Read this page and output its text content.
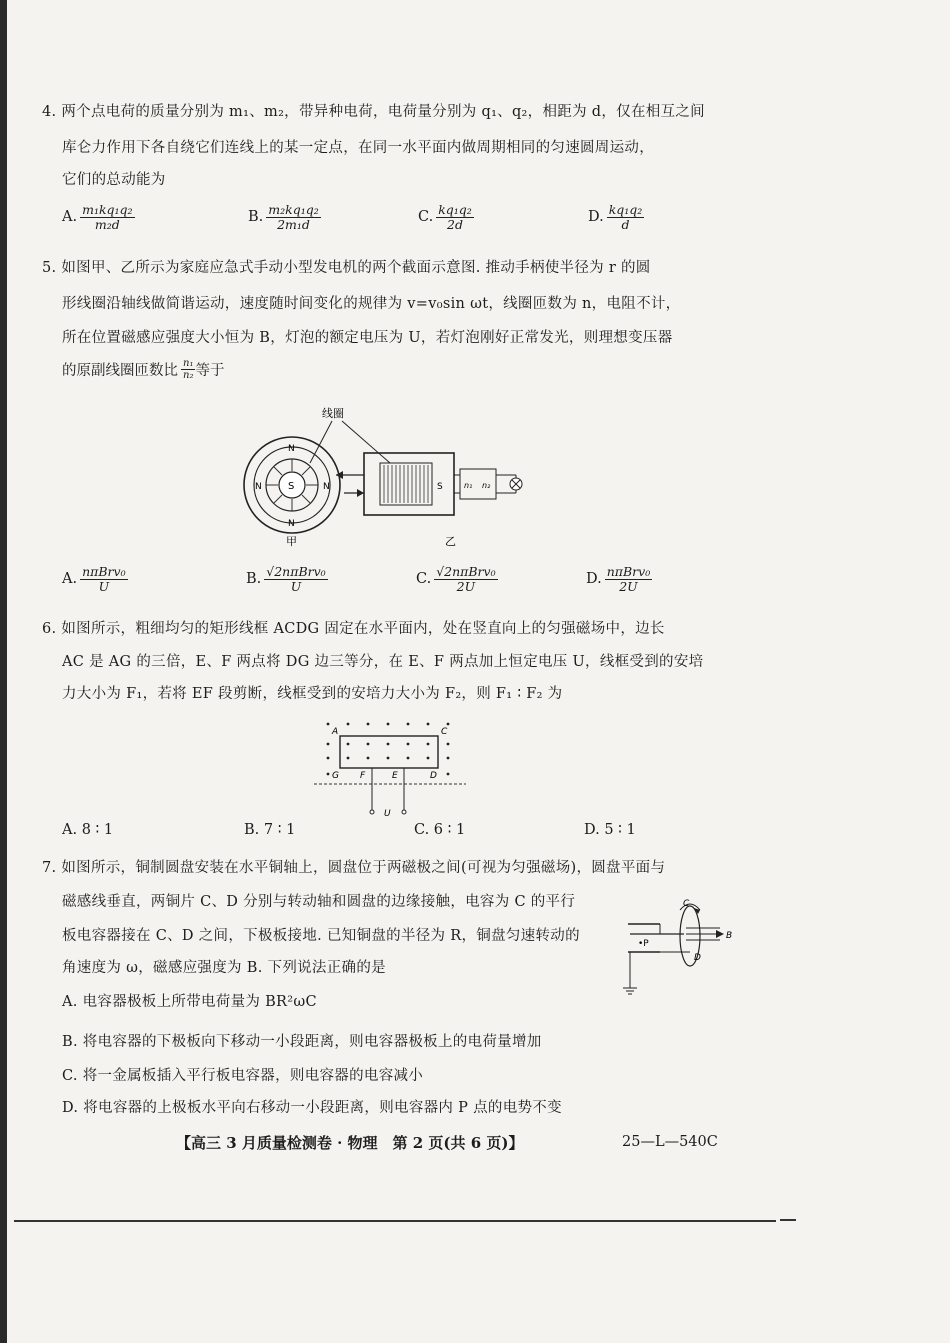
4. 两个点电荷的质量分别为 m₁、m₂，带异种电荷，电荷量分别为 q₁、q₂，相距为 d，仅在相互之间
库仑力作用下各自绕它们连线上的某一定点，在同一水平面内做周期相同的匀速圆周运动，
它们的总动能为
A. $\frac{\text{m₁kq₁q₂}}{\text{m₂d}}$	B. $\frac{\text{m₂kq₁q₂}}{\text{2m₁d}}$	C. $\frac{\text{kq₁q₂}}{2d}$	D. $\frac{\text{kq₁q₂}}{d}$
5. 如图甲、乙所示为家庭应急式手动小型发电机的两个截面示意图. 推动手柄使半径为 r 的圆
形线圈沿轴线做简谐运动，速度随时间变化的规律为 v=v₀sin ωt，线圈匝数为 n，电阻不计，
所在位置磁感应强度大小恒为 B，灯泡的额定电压为 U，若灯泡刚好正常发光，则理想变压器
的原副线圈匝数比 $\frac{\text{n₁}}{\text{n₂}}$ 等于
S
N
N
N	N
甲
线圈
S
乙
n₁ n₂
A. $\frac{\text{nπBrv₀}}{U}$	B. $\frac{\text{√2nπBrv₀}}{U}$	C. $\frac{\text{√2nπBrv₀}}{2U}$	D. $\frac{\text{nπBrv₀}}{2U}$
6. 如图所示，粗细均匀的矩形线框 ACDG 固定在水平面内，处在竖直向上的匀强磁场中，边长
AC 是 AG 的三倍，E、F 两点将 DG 边三等分，在 E、F 两点加上恒定电压 U，线框受到的安培
力大小为 F₁，若将 EF 段剪断，线框受到的安培力大小为 F₂，则 F₁ ∶ F₂ 为
A	C
G F	E	D
U
A. 8 ∶ 1	B. 7 ∶ 1	C. 6 ∶ 1	D. 5 ∶ 1
7. 如图所示，铜制圆盘安装在水平铜轴上，圆盘位于两磁极之间(可视为匀强磁场)，圆盘平面与
磁感线垂直，两铜片 C、D 分别与转动轴和圆盘的边缘接触，电容为 C 的平行
板电容器接在 C、D 之间，下极板接地. 已知铜盘的半径为 R，铜盘匀速转动的
角速度为 ω，磁感应强度为 B. 下列说法正确的是
B
C
D
•P
A. 电容器极板上所带电荷量为 BR²ωC
B. 将电容器的下极板向下移动一小段距离，则电容器极板上的电荷量增加
C. 将一金属板插入平行板电容器，则电容器的电容减小
D. 将电容器的上极板水平向右移动一小段距离，则电容器内 P 点的电势不变
【高三 3 月质量检测卷 · 物理　第 2 页(共 6 页)】	25—L—540C
